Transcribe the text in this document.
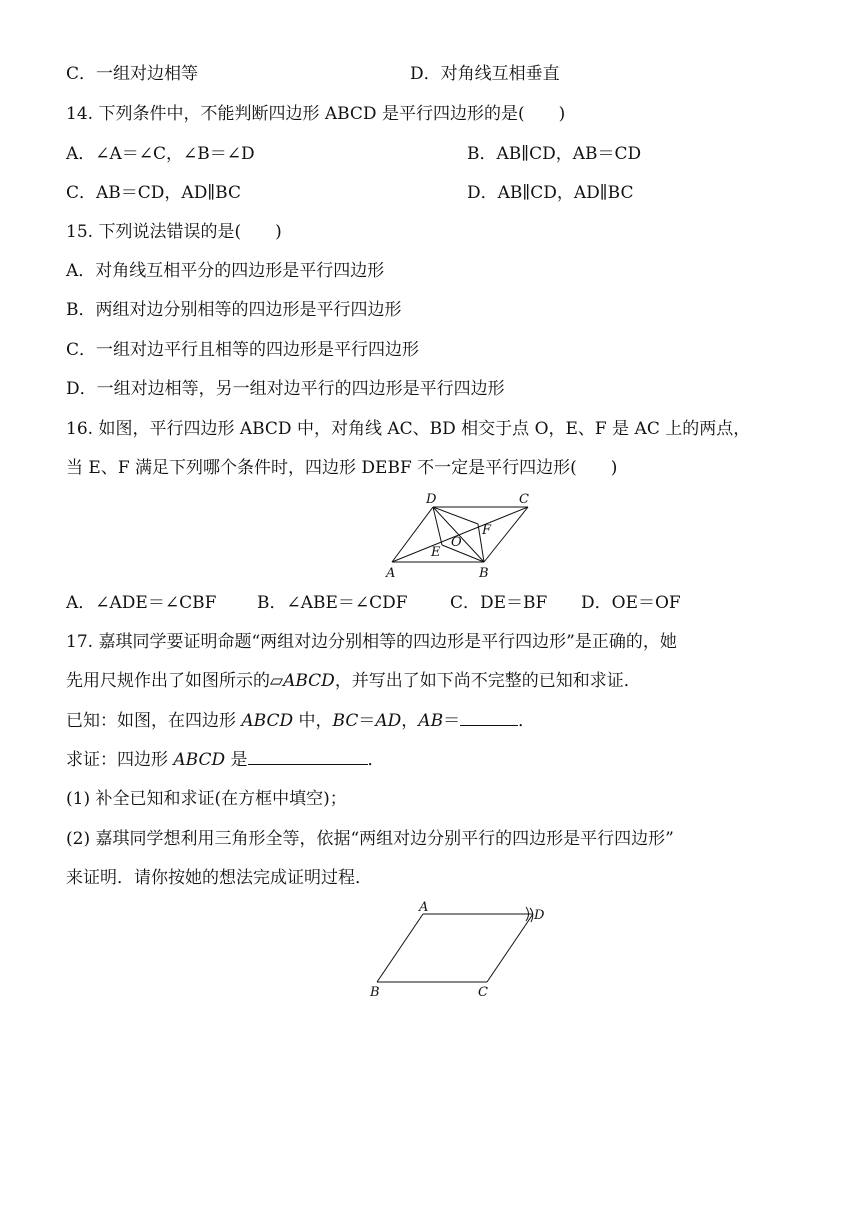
C．一组对边相等	D．对角线互相垂直
14. 下列条件中，不能判断四边形 ABCD 是平行四边形的是(　　)
A．∠A＝∠C，∠B＝∠D	B．AB∥CD，AB＝CD
C．AB＝CD，AD∥BC	D．AB∥CD，AD∥BC
15. 下列说法错误的是(　　)
A．对角线互相平分的四边形是平行四边形
B．两组对边分别相等的四边形是平行四边形
C．一组对边平行且相等的四边形是平行四边形
D．一组对边相等，另一组对边平行的四边形是平行四边形
16. 如图，平行四边形 ABCD 中，对角线 AC、BD 相交于点 O，E、F 是 AC 上的两点，
当 E、F 满足下列哪个条件时，四边形 DEBF 不一定是平行四边形(　　)
D	C
A	B
O
E
F
A．∠ADE＝∠CBF B．∠ABE＝∠CDF C．DE＝BF D．OE＝OF
17. 嘉琪同学要证明命题“两组对边分别相等的四边形是平行四边形”是正确的，她
先用尺规作出了如图所示的▱ABCD，并写出了如下尚不完整的已知和求证．
已知：如图，在四边形 ABCD 中，BC＝AD，AB＝	．
求证：四边形 ABCD 是	．
(1) 补全已知和求证(在方框中填空)；
(2) 嘉琪同学想利用三角形全等，依据“两组对边分别平行的四边形是平行四边形”
来证明．请你按她的想法完成证明过程．
A
D
B	C
